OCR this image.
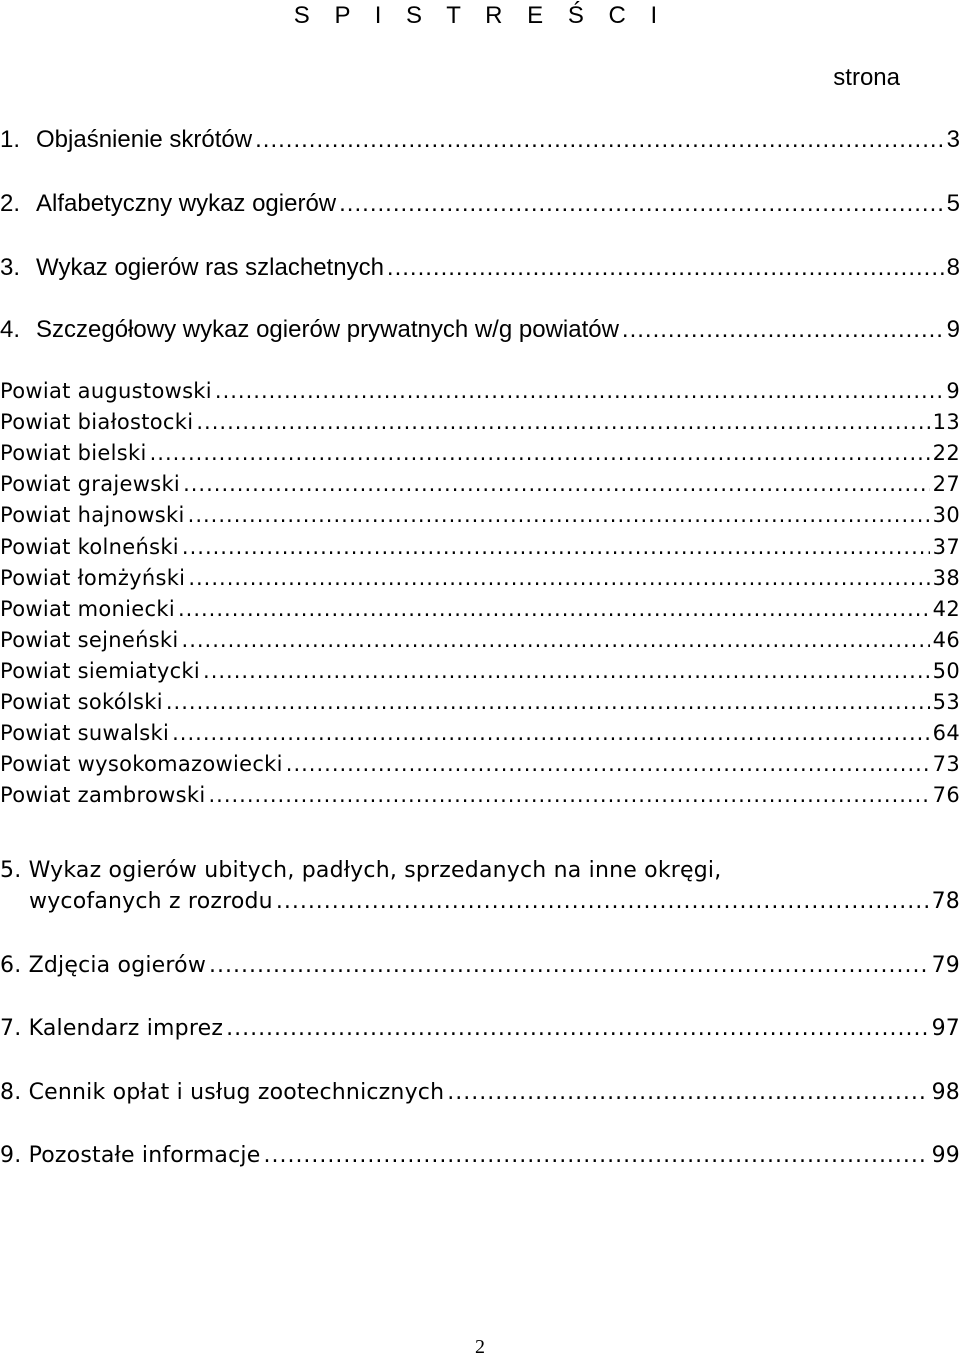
S P I S T R E Ś C I
strona
1. Objaśnienie skrótów .....	3
2. Alfabetyczny wykaz ogierów .....	5
3. Wykaz ogierów ras szlachetnych .....	8
4. Szczegółowy wykaz ogierów prywatnych w/g powiatów .....	9
Powiat augustowski .....	9
Powiat białostocki .....	13
Powiat bielski .....	22
Powiat grajewski .....	27
Powiat hajnowski .....	30
Powiat kolneński .....	37
Powiat łomżyński .....	38
Powiat moniecki .....	42
Powiat sejneński .....	46
Powiat siemiatycki .....	50
Powiat sokólski .....	53
Powiat suwalski .....	64
Powiat wysokomazowiecki .....	73
Powiat zambrowski .....	76
5. Wykaz ogierów ubitych, padłych, sprzedanych na inne okręgi,
wycofanych z rozrodu .....	78
6. Zdjęcia ogierów .....	79
7. Kalendarz imprez .....	97
8. Cennik opłat i usług zootechnicznych .....	98
9. Pozostałe informacje .....	99
2
